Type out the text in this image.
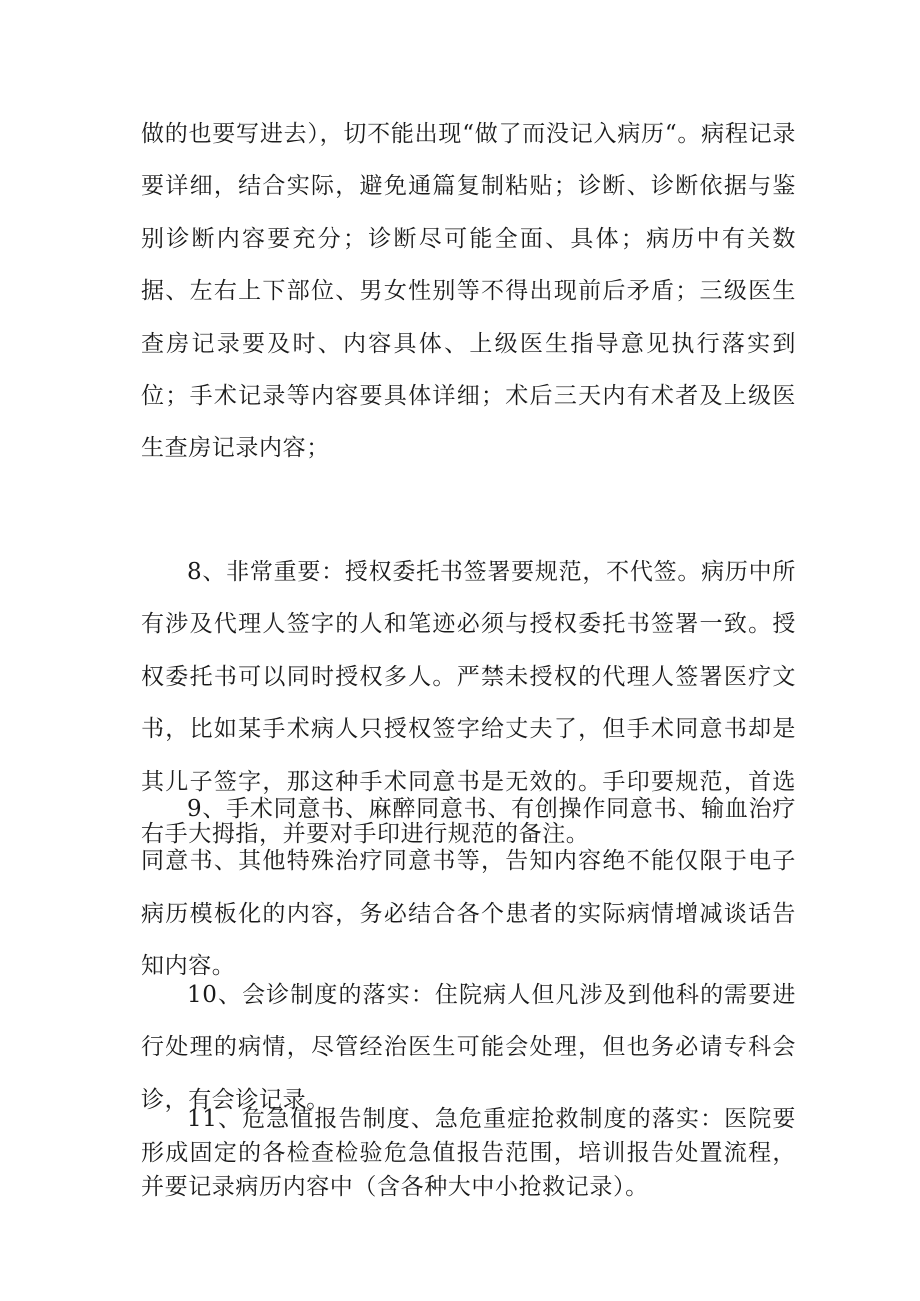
做的也要写进去），切不能出现“做了而没记入病历“。病程记录要详细，结合实际，避免通篇复制粘贴；诊断、诊断依据与鉴别诊断内容要充分；诊断尽可能全面、具体；病历中有关数据、左右上下部位、男女性别等不得出现前后矛盾；三级医生查房记录要及时、内容具体、上级医生指导意见执行落实到位；手术记录等内容要具体详细；术后三天内有术者及上级医生查房记录内容；

8、非常重要：授权委托书签署要规范，不代签。病历中所有涉及代理人签字的人和笔迹必须与授权委托书签署一致。授权委托书可以同时授权多人。严禁未授权的代理人签署医疗文书，比如某手术病人只授权签字给丈夫了，但手术同意书却是其儿子签字，那这种手术同意书是无效的。手印要规范，首选右手大拇指，并要对手印进行规范的备注。

9、手术同意书、麻醉同意书、有创操作同意书、输血治疗同意书、其他特殊治疗同意书等，告知内容绝不能仅限于电子病历模板化的内容，务必结合各个患者的实际病情增减谈话告知内容。

10、会诊制度的落实：住院病人但凡涉及到他科的需要进行处理的病情，尽管经治医生可能会处理，但也务必请专科会诊，有会诊记录。

11、危急值报告制度、急危重症抢救制度的落实：医院要形成固定的各检查检验危急值报告范围，培训报告处置流程，并要记录病历内容中（含各种大中小抢救记录）。
